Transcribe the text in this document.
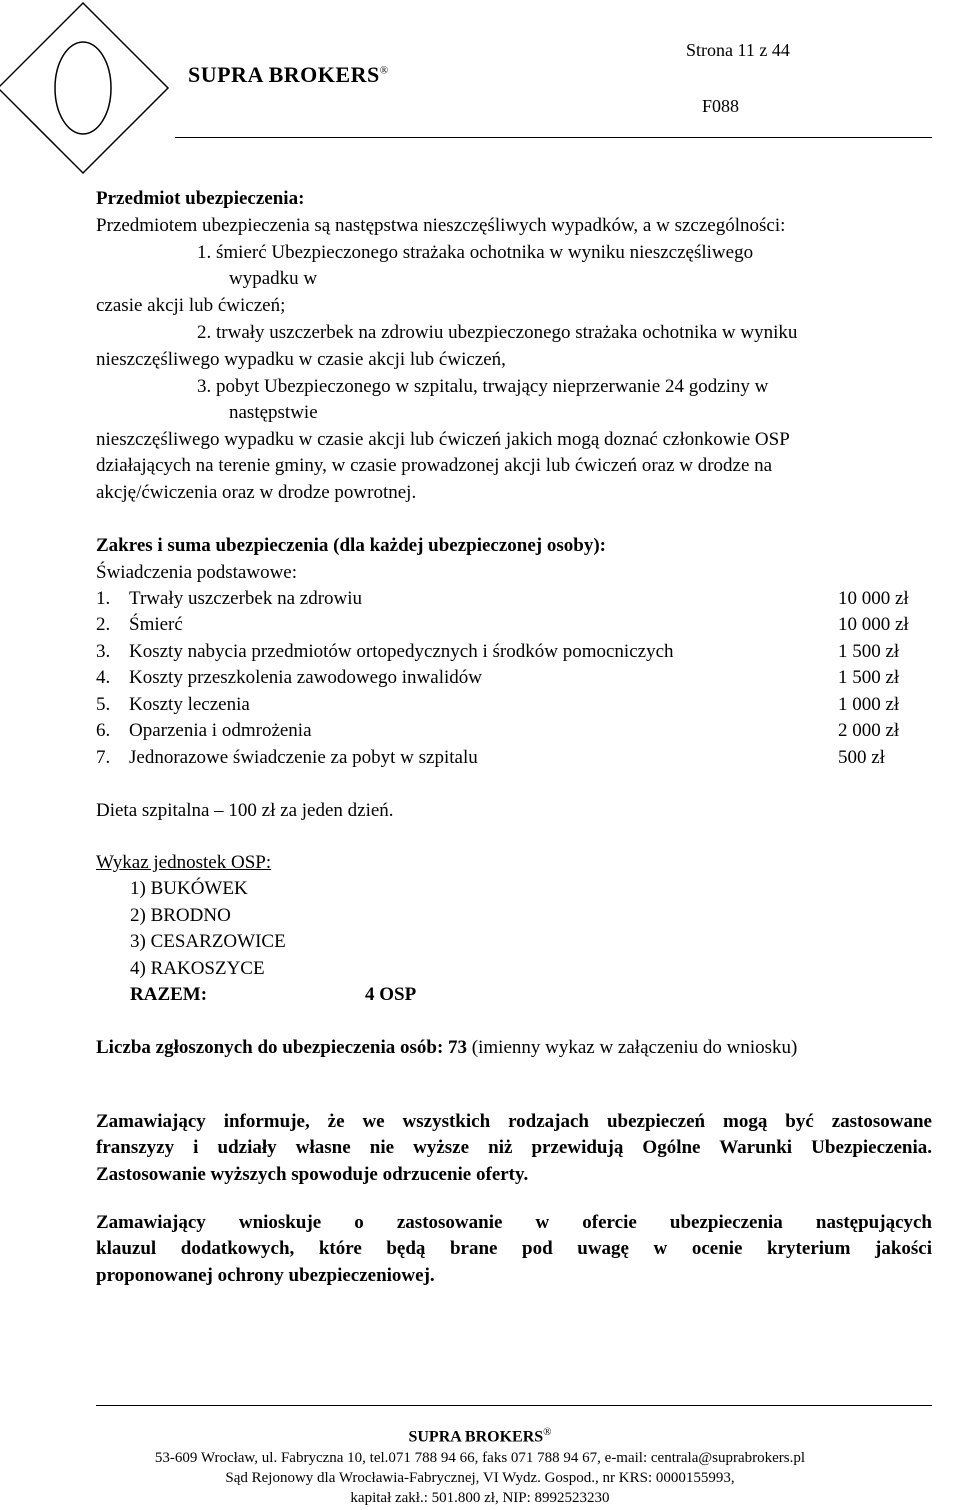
SUPRA BROKERS®
Strona 11 z 44
F088
Przedmiot ubezpieczenia:
Przedmiotem ubezpieczenia są następstwa nieszczęśliwych wypadków, a w szczególności:
1. śmierć Ubezpieczonego strażaka ochotnika w wyniku nieszczęśliwego
wypadku w
czasie akcji lub ćwiczeń;
2. trwały uszczerbek na zdrowiu ubezpieczonego strażaka ochotnika w wyniku
nieszczęśliwego wypadku w czasie akcji lub ćwiczeń,
3. pobyt Ubezpieczonego w szpitalu, trwający nieprzerwanie 24 godziny w
następstwie
nieszczęśliwego wypadku w czasie akcji lub ćwiczeń jakich mogą doznać członkowie OSP
działających na terenie gminy, w czasie prowadzonej akcji lub ćwiczeń oraz w drodze na
akcję/ćwiczenia oraz w drodze powrotnej.
Zakres i suma ubezpieczenia (dla każdej ubezpieczonej osoby):
Świadczenia podstawowe:
1. Trwały uszczerbek na zdrowiu	10 000 zł
2. Śmierć	10 000 zł
3. Koszty nabycia przedmiotów ortopedycznych i środków pomocniczych	1 500 zł
4. Koszty przeszkolenia zawodowego inwalidów	1 500 zł
5. Koszty leczenia	1 000 zł
6. Oparzenia i odmrożenia	2 000 zł
7. Jednorazowe świadczenie za pobyt w szpitalu	500 zł
Dieta szpitalna – 100 zł za jeden dzień.
Wykaz jednostek OSP:
1) BUKÓWEK
2) BRODNO
3) CESARZOWICE
4) RAKOSZYCE
RAZEM:	4 OSP
Liczba zgłoszonych do ubezpieczenia osób: 73 (imienny wykaz w załączeniu do wniosku)
Zamawiający informuje, że we wszystkich rodzajach ubezpieczeń mogą być zastosowane
franszyzy i udziały własne nie wyższe niż przewidują Ogólne Warunki Ubezpieczenia.
Zastosowanie wyższych spowoduje odrzucenie oferty.
Zamawiający wnioskuje o zastosowanie w ofercie ubezpieczenia następujących
klauzul dodatkowych, które będą brane pod uwagę w ocenie kryterium jakości
proponowanej ochrony ubezpieczeniowej.
SUPRA BROKERS®
53-609 Wrocław, ul. Fabryczna 10, tel.071 788 94 66, faks 071 788 94 67, e-mail: centrala@suprabrokers.pl
Sąd Rejonowy dla Wrocławia-Fabrycznej, VI Wydz. Gospod., nr KRS: 0000155993,
kapitał zakł.: 501.800 zł, NIP: 8992523230
